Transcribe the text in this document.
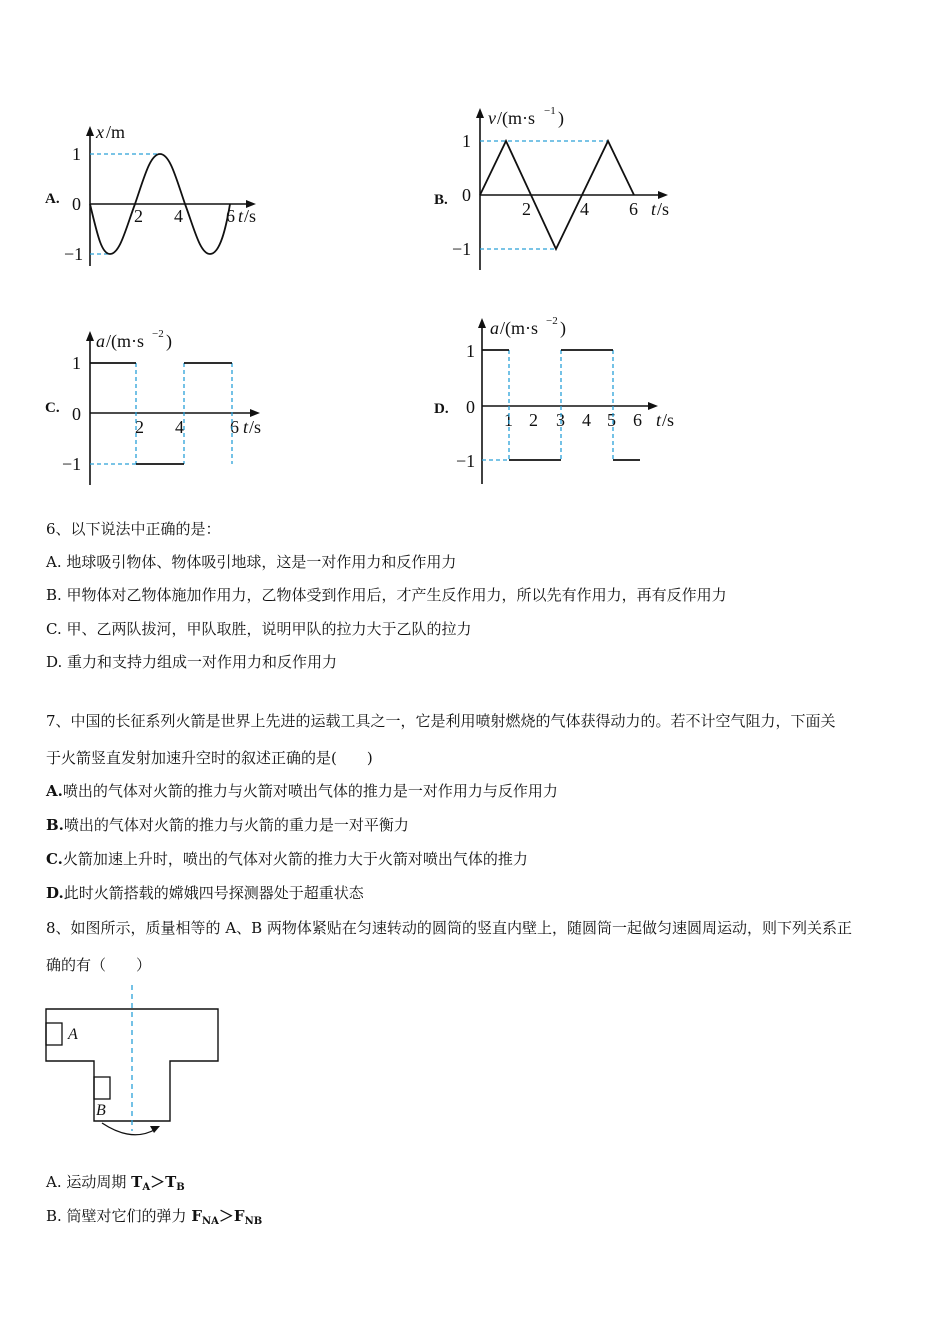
A.
x /m
1
0
−1
2 4 6 t /s
B.
v /(m·s −1 )
1
0
−1
2	4 6 t /s
C.
a /(m·s −2 )
1
0
−1
2 4	6 t /s
D.
a /(m·s −2 )
1
0
−1
1 2 3 4 5 6 t /s
6、以下说法中正确的是：
A. 地球吸引物体、物体吸引地球，这是一对作用力和反作用力
B. 甲物体对乙物体施加作用力，乙物体受到作用后，才产生反作用力，所以先有作用力，再有反作用力
C. 甲、乙两队拔河，甲队取胜，说明甲队的拉力大于乙队的拉力
D. 重力和支持力组成一对作用力和反作用力
7、中国的长征系列火箭是世界上先进的运载工具之一，它是利用喷射燃烧的气体获得动力的。若不计空气阻力，下面关
于火箭竖直发射加速升空时的叙述正确的是(　　)
A.喷出的气体对火箭的推力与火箭对喷出气体的推力是一对作用力与反作用力
B.喷出的气体对火箭的推力与火箭的重力是一对平衡力
C.火箭加速上升时，喷出的气体对火箭的推力大于火箭对喷出气体的推力
D.此时火箭搭载的嫦娥四号探测器处于超重状态
8、如图所示，质量相等的 A、B 两物体紧贴在匀速转动的圆筒的竖直内壁上，随圆筒一起做匀速圆周运动，则下列关系正
确的有（　　）
A
B
A. 运动周期 $T_A>T_B$
B. 筒壁对它们的弹力 $F_{NA}>F_{NB}$
